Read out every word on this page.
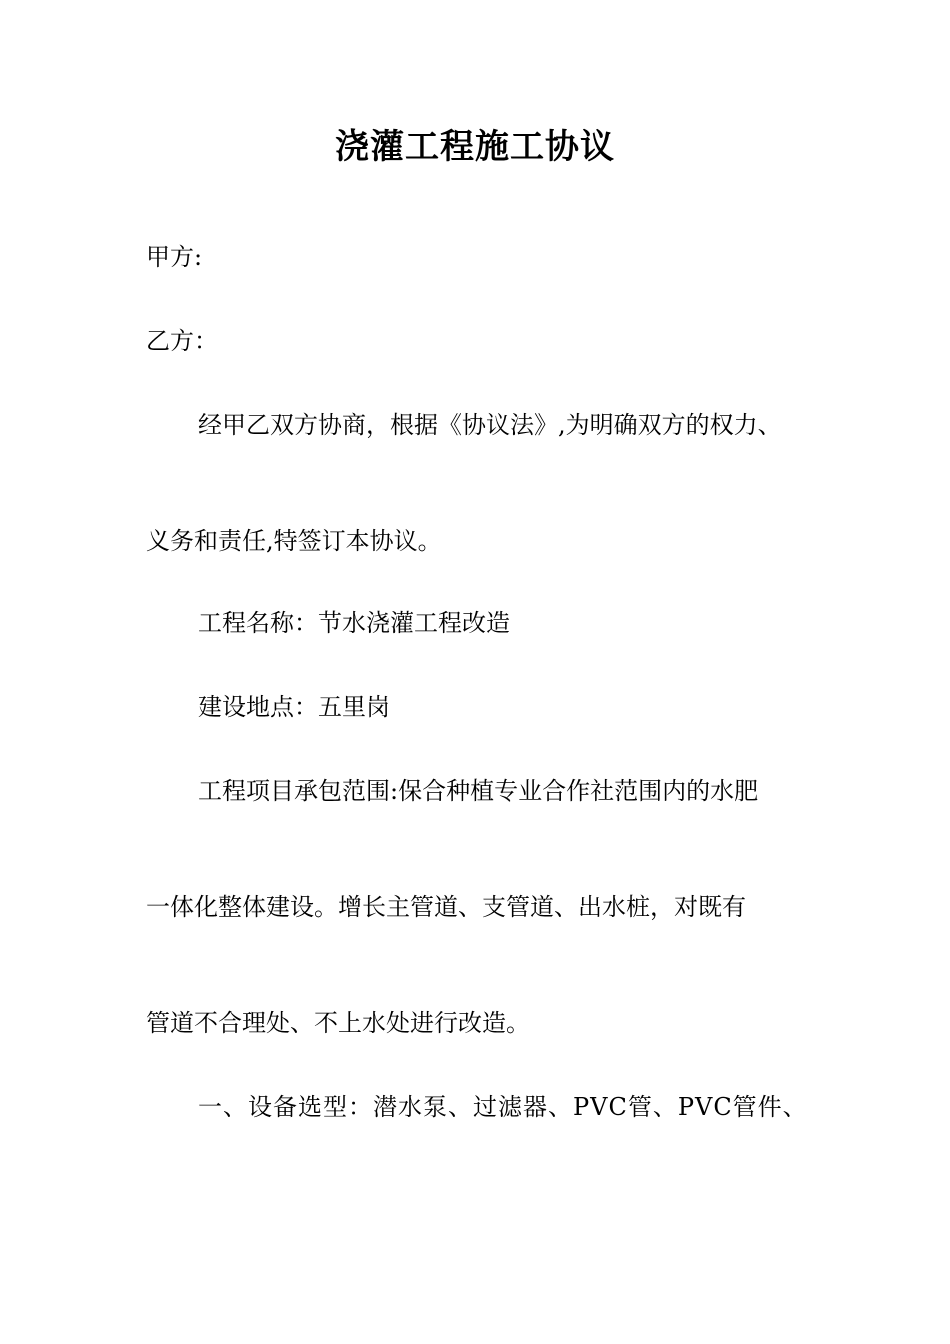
浇灌工程施工协议
甲方:
乙方：
经甲乙双方协商，根据《协议法》,为明确双方的权力、
义务和责任,特签订本协议。
工程名称：节水浇灌工程改造
建设地点：五里岗
工程项目承包范围:保合种植专业合作社范围内的水肥
一体化整体建设。增长主管道、支管道、出水桩，对既有
管道不合理处、不上水处进行改造。
一、设备选型：潜水泵、过滤器、PVC管、PVC管件、
